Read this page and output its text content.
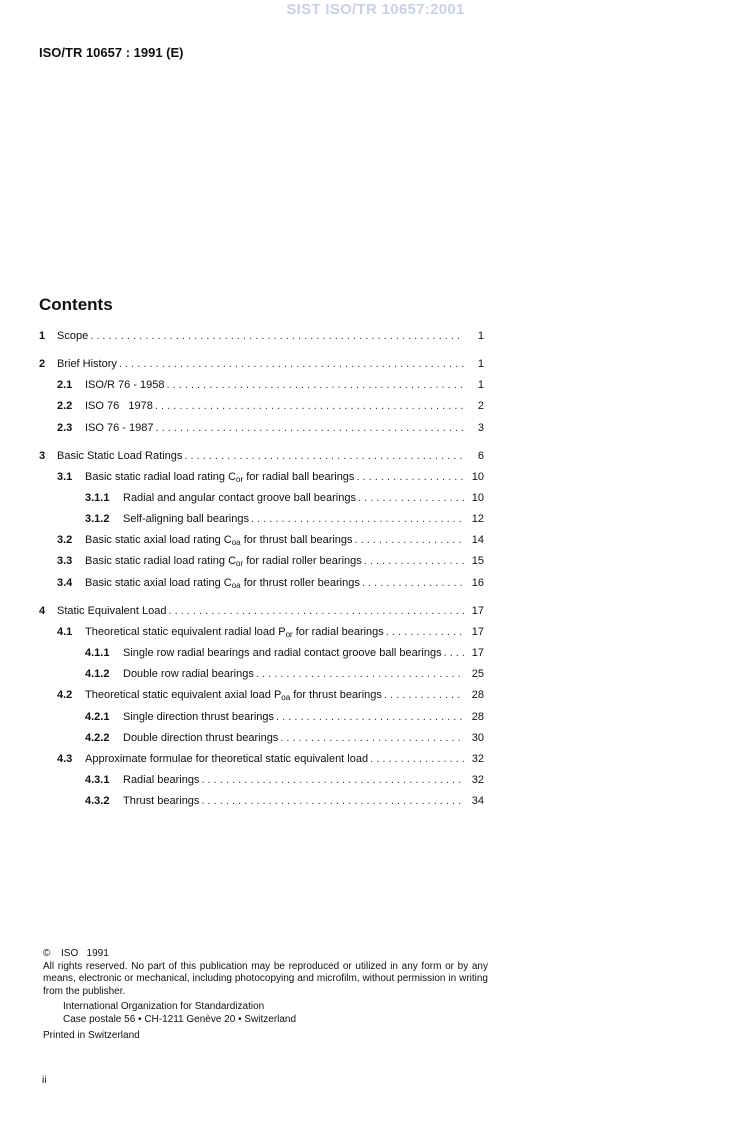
SIST ISO/TR 10657:2001
ISO/TR 10657 : 1991 (E)
Contents
1	Scope . . .	1
2	Brief History . . .	1
2.1	ISO/R 76 - 1958 . . .	1
2.2	ISO 76   1978 . . .	2
2.3	ISO 76 - 1987 . . .	3
3	Basic Static Load Ratings . . .	6
3.1	Basic static radial load rating $C_{or}$ for radial ball bearings . . .	10
3.1.1	Radial and angular contact groove ball bearings . . .	10
3.1.2	Self-aligning ball bearings . . .	12
3.2	Basic static axial load rating $C_{oa}$ for thrust ball bearings . . .	14
3.3	Basic static radial load rating $C_{or}$ for radial roller bearings . . .	15
3.4	Basic static axial load rating $C_{oa}$ for thrust roller bearings . . .	16
4	Static Equivalent Load . . .	17
4.1	Theoretical static equivalent radial load $P_{or}$ for radial bearings . . .	17
4.1.1	Single row radial bearings and radial contact groove ball bearings . . .	17
4.1.2	Double row radial bearings . . .	25
4.2	Theoretical static equivalent axial load $P_{oa}$ for thrust bearings . . .	28
4.2.1	Single direction thrust bearings . . .	28
4.2.2	Double direction thrust bearings . . .	30
4.3	Approximate formulae for theoretical static equivalent load . . .	32
4.3.1	Radial bearings . . .	32
4.3.2	Thrust bearings . . .	34

© ISO   1991

All rights reserved. No part of this publication may be reproduced or utilized in any form or by any means, electronic or mechanical, including photocopying and microfilm, without permission in writing from the publisher.

International Organization for Standardization

Case postale 56 • CH-1211 Genève 20 • Switzerland

Printed in Switzerland

ii
